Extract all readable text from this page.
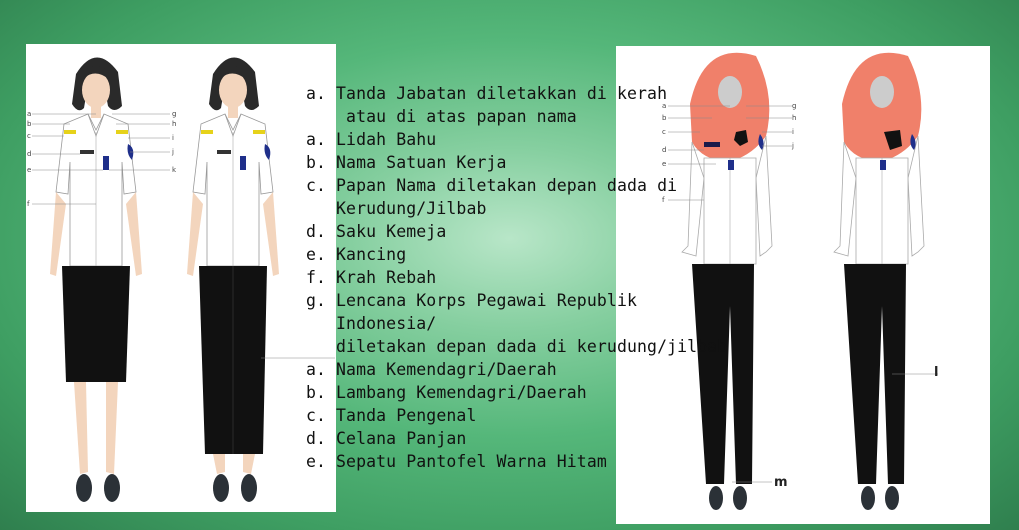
a
b
c
d
e
f
g
h
i
j
k
a
b
c
d
e
f
g
h
i
j
m
l
a. Tanda Jabatan diletakkan di kerah
atau di atas papan nama
a. Lidah Bahu
b. Nama Satuan Kerja
c. Papan Nama diletakan depan dada di
Kerudung/Jilbab
d. Saku Kemeja
e. Kancing
f. Krah Rebah
g. Lencana Korps Pegawai Republik
Indonesia/
diletakan depan dada di kerudung/jilbab
a. Nama Kemendagri/Daerah
b. Lambang Kemendagri/Daerah
c. Tanda Pengenal
d. Celana Panjan
e. Sepatu Pantofel Warna Hitam
